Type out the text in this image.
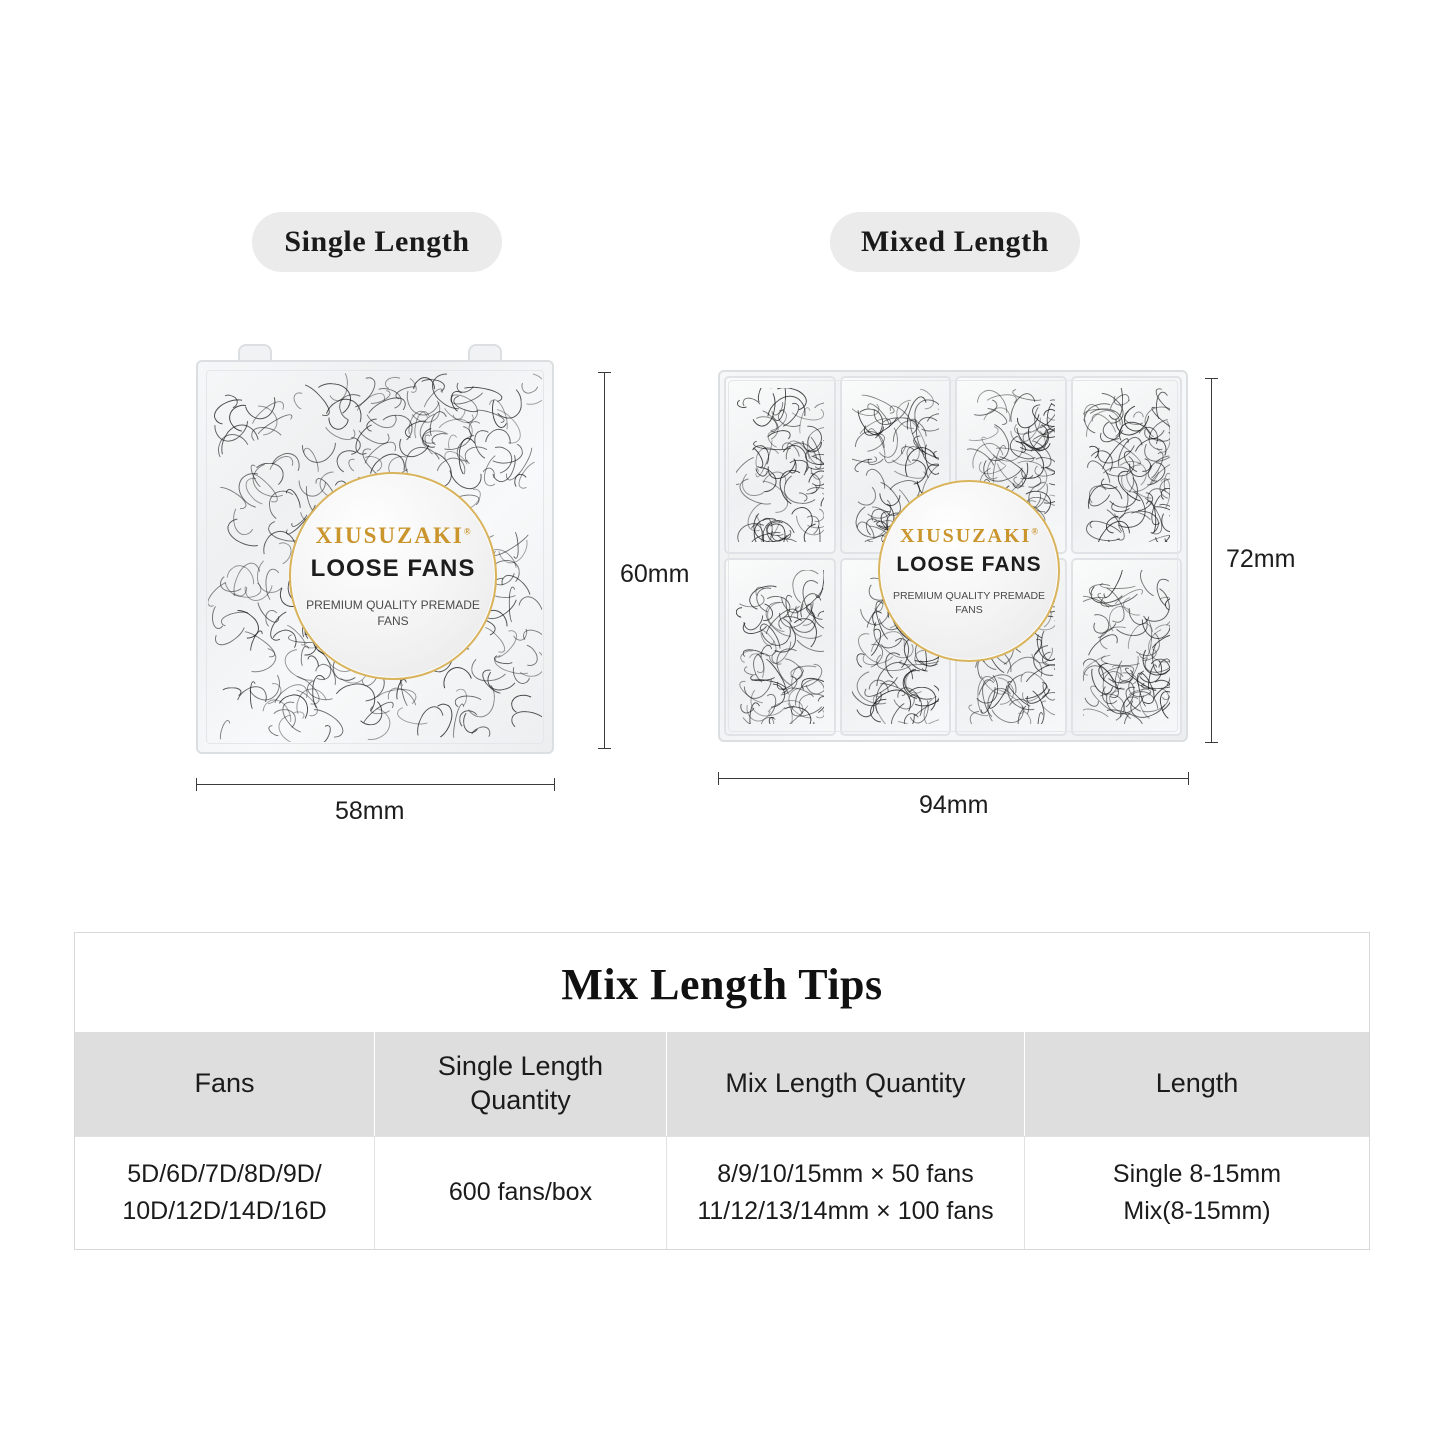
Single Length	Mixed Length
XIUSUZAKI®
LOOSE FANS
PREMIUM QUALITY PREMADE FANS
60mm
58mm
XIUSUZAKI®
LOOSE FANS
PREMIUM QUALITY PREMADE FANS
72mm
94mm
Mix Length Tips
Fans
Single Length
Quantity
Mix Length Quantity	Length
5D/6D/7D/8D/9D/
10D/12D/14D/16D
600 fans/box
8/9/10/15mm × 50 fans
11/12/13/14mm × 100 fans
Single 8-15mm
Mix(8-15mm)
